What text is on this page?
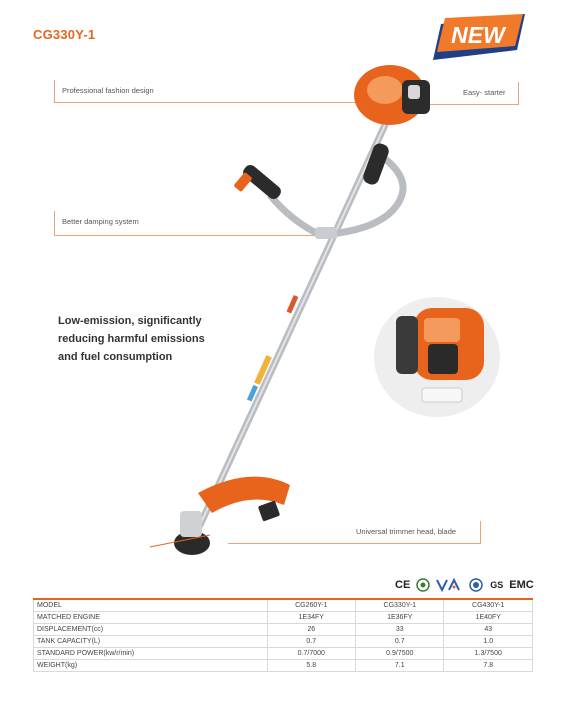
CG330Y-1	NEW
Professional fashion design	Easy- starter
Better damping system
Universal trimmer head, blade
Low-emission, significantly
reducing harmful emissions
and fuel consumption
CE	GS EMC
MODEL	CG260Y-1	CG330Y-1	CG430Y-1
MATCHED ENGINE	1E34FY	1E36FY	1E40FY
DISPLACEMENT(cc)	26	33	43
TANK CAPACITY(L)	0.7	0.7	1.0
STANDARD POWER(kw/r/min)	0.7/7000	0.9/7500	1.3/7500
WEIGHT(kg)	5.8	7.1	7.8
